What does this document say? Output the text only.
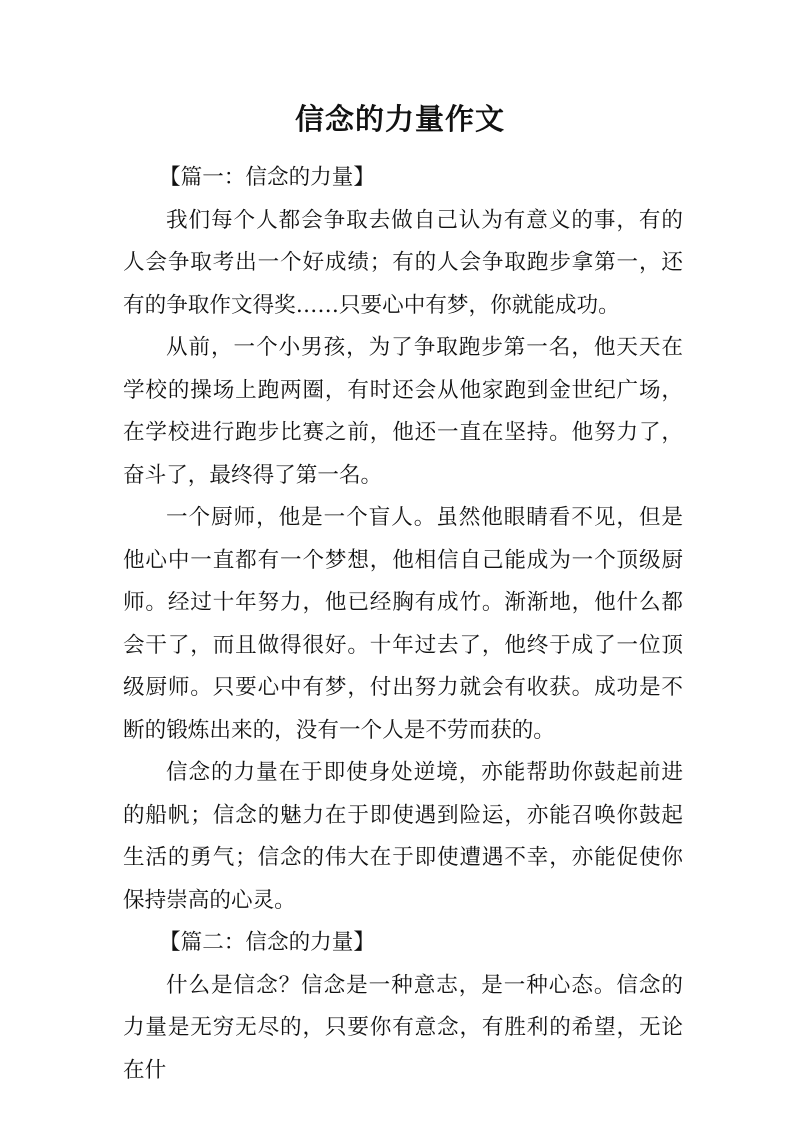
信念的力量作文

【篇一：信念的力量】

我们每个人都会争取去做自己认为有意义的事，有的人会争取考出一个好成绩；有的人会争取跑步拿第一，还有的争取作文得奖……只要心中有梦，你就能成功。

从前，一个小男孩，为了争取跑步第一名，他天天在学校的操场上跑两圈，有时还会从他家跑到金世纪广场，在学校进行跑步比赛之前，他还一直在坚持。他努力了，奋斗了，最终得了第一名。

一个厨师，他是一个盲人。虽然他眼睛看不见，但是他心中一直都有一个梦想，他相信自己能成为一个顶级厨师。经过十年努力，他已经胸有成竹。渐渐地，他什么都会干了，而且做得很好。十年过去了，他终于成了一位顶级厨师。只要心中有梦，付出努力就会有收获。成功是不断的锻炼出来的，没有一个人是不劳而获的。

信念的力量在于即使身处逆境，亦能帮助你鼓起前进的船帆；信念的魅力在于即使遇到险运，亦能召唤你鼓起生活的勇气；信念的伟大在于即使遭遇不幸，亦能促使你保持崇高的心灵。

【篇二：信念的力量】

什么是信念？信念是一种意志，是一种心态。信念的力量是无穷无尽的，只要你有意念，有胜利的希望，无论在什
